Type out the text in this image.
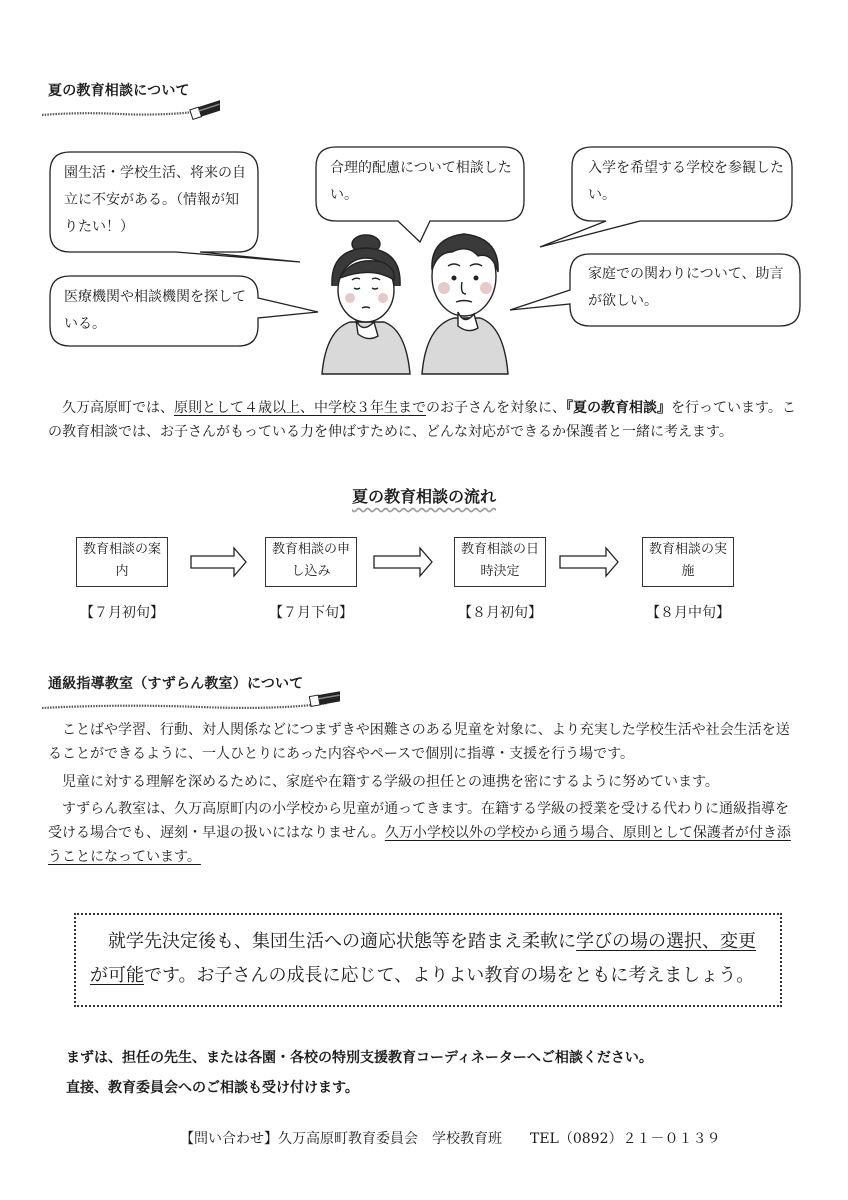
夏の教育相談について
園生活・学校生活、将来の自立に不安がある。（情報が知りたい！）
合理的配慮について相談したい。
入学を希望する学校を参観したい。
医療機関や相談機関を探している。
家庭での関わりについて、助言が欲しい。
　久万高原町では、原則として４歳以上、中学校３年生までのお子さんを対象に、『夏の教育相談』を行っています。この教育相談では、お子さんがもっている力を伸ばすために、どんな対応ができるか保護者と一緒に考えます。
夏の教育相談の流れ
教育相談の案内
教育相談の申し込み
教育相談の日時決定
教育相談の実施
【７月初旬】	【７月下旬】	【８月初旬】	【８月中旬】
通級指導教室（すずらん教室）について
　ことばや学習、行動、対人関係などにつまずきや困難さのある児童を対象に、より充実した学校生活や社会生活を送ることができるように、一人ひとりにあった内容やペースで個別に指導・支援を行う場です。
　児童に対する理解を深めるために、家庭や在籍する学級の担任との連携を密にするように努めています。
　すずらん教室は、久万高原町内の小学校から児童が通ってきます。在籍する学級の授業を受ける代わりに通級指導を受ける場合でも、遅刻・早退の扱いにはなりません。久万小学校以外の学校から通う場合、原則として保護者が付き添うことになっています。
　就学先決定後も、集団生活への適応状態等を踏まえ柔軟に学びの場の選択、変更が可能です。お子さんの成長に応じて、よりよい教育の場をともに考えましょう。
まずは、担任の先生、または各園・各校の特別支援教育コーディネーターへご相談ください。
直接、教育委員会へのご相談も受け付けます。
【問い合わせ】久万高原町教育委員会　学校教育班　　TEL（0892）２１－０１３９
